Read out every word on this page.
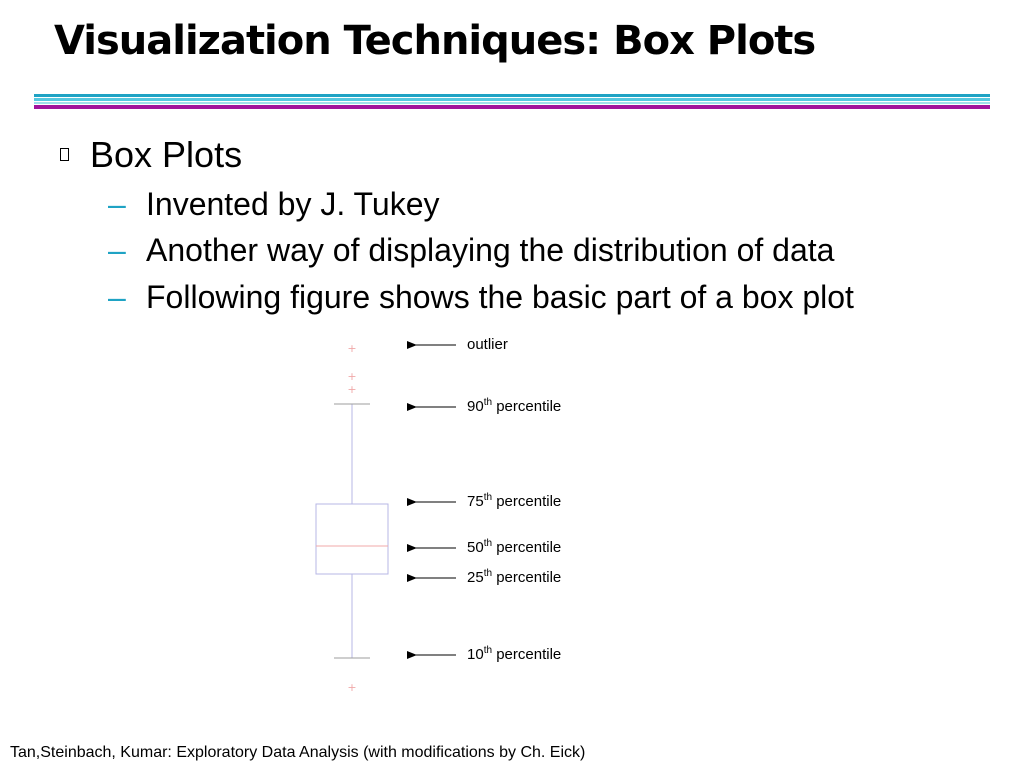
Visualization Techniques: Box Plots
Box Plots
– Invented by J. Tukey
– Another way of displaying the distribution of data
– Following figure shows the basic part of a box plot
+
+
+
+
outlier
90th percentile
75th percentile
50th percentile
25th percentile
10th percentile
Tan,Steinbach, Kumar: Exploratory Data Analysis (with modifications by Ch. Eick)
